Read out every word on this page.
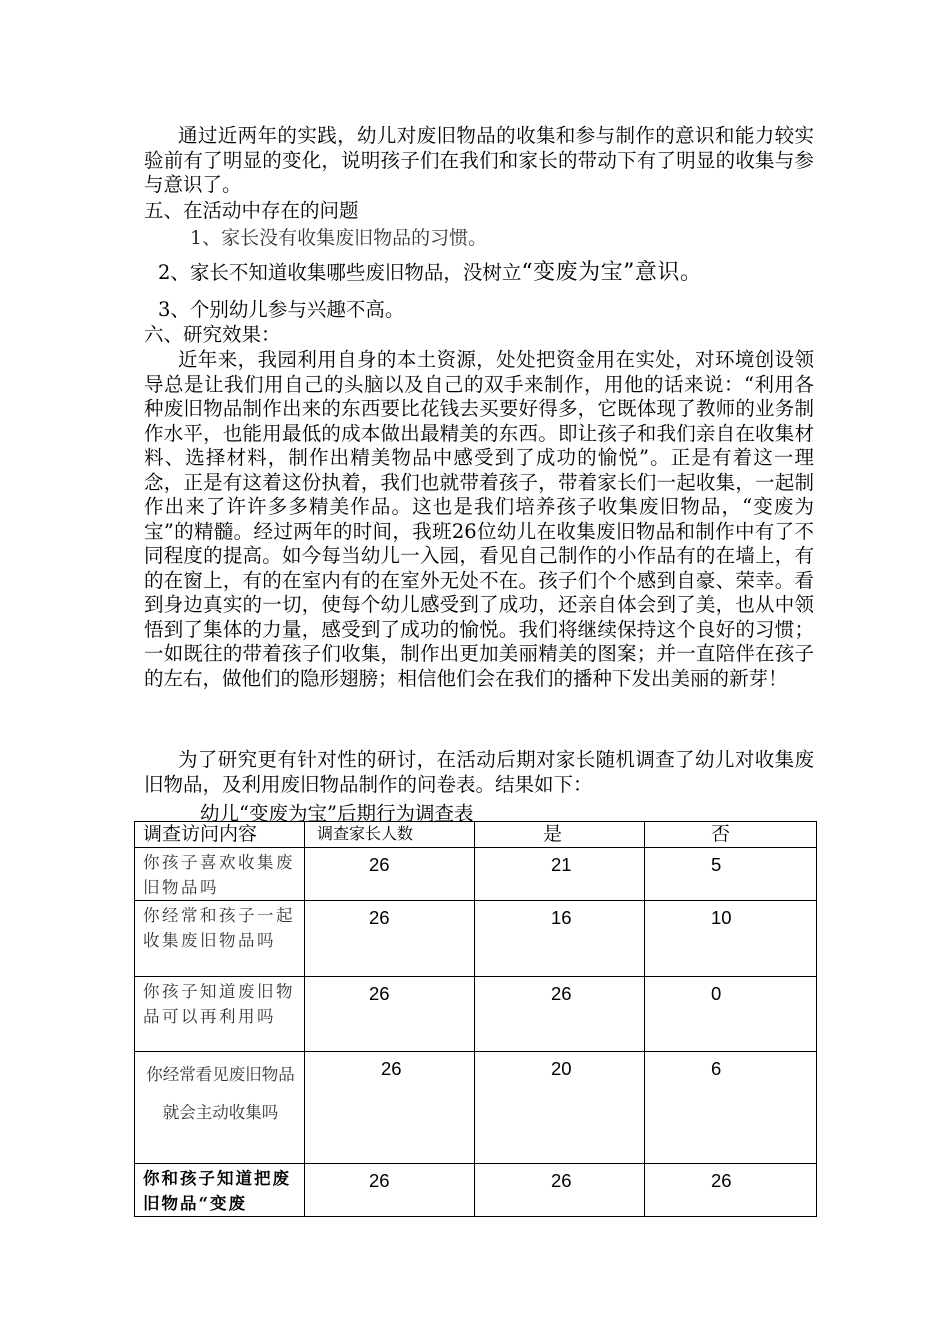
通过近两年的实践，幼儿对废旧物品的收集和参与制作的意识和能力较实验前有了明显的变化，说明孩子们在我们和家长的带动下有了明显的收集与参与意识了。
五、在活动中存在的问题
1、家长没有收集废旧物品的习惯。
2、家长不知道收集哪些废旧物品，没树立“变废为宝”意识。
3、个别幼儿参与兴趣不高。
六、研究效果：
近年来，我园利用自身的本土资源，处处把资金用在实处，对环境创设领导总是让我们用自己的头脑以及自己的双手来制作，用他的话来说：“利用各种废旧物品制作出来的东西要比花钱去买要好得多，它既体现了教师的业务制作水平，也能用最低的成本做出最精美的东西。即让孩子和我们亲自在收集材料、选择材料，制作出精美物品中感受到了成功的愉悦”。正是有着这一理念，正是有这着这份执着，我们也就带着孩子，带着家长们一起收集，一起制作出来了许许多多精美作品。这也是我们培养孩子收集废旧物品，“变废为宝”的精髓。经过两年的时间，我班26位幼儿在收集废旧物品和制作中有了不同程度的提高。如今每当幼儿一入园，看见自己制作的小作品有的在墙上，有的在窗上，有的在室内有的在室外无处不在。孩子们个个感到自豪、荣幸。看到身边真实的一切，使每个幼儿感受到了成功，还亲自体会到了美，也从中领悟到了集体的力量，感受到了成功的愉悦。我们将继续保持这个良好的习惯；一如既往的带着孩子们收集，制作出更加美丽精美的图案；并一直陪伴在孩子的左右，做他们的隐形翅膀；相信他们会在我们的播种下发出美丽的新芽！
为了研究更有针对性的研讨，在活动后期对家长随机调查了幼儿对收集废旧物品，及利用废旧物品制作的问卷表。结果如下：
幼儿“变废为宝”后期行为调查表
调查访问内容	调查家长人数	是	否
你孩子喜欢收集废旧物品吗	26	21	5
你经常和孩子一起收集废旧物品吗	26	16	10
你孩子知道废旧物品可以再利用吗	26	26	0
你经常看见废旧物品就会主动收集吗	26	20	6
你和孩子知道把废旧物品“变废	26	26	26
